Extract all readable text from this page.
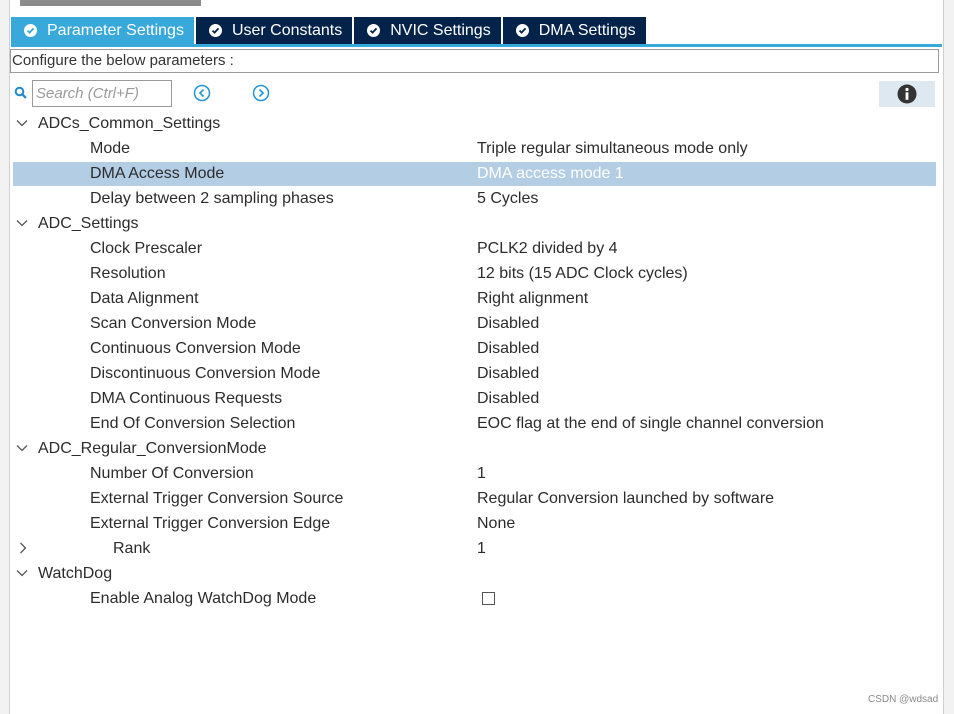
Parameter Settings	User Constants	NVIC Settings	DMA Settings
Configure the below parameters :
Search (Ctrl+F)
ADCs_Common_Settings
Mode	Triple regular simultaneous mode only
DMA Access Mode	DMA access mode 1
Delay between 2 sampling phases	5 Cycles
ADC_Settings
Clock Prescaler	PCLK2 divided by 4
Resolution	12 bits (15 ADC Clock cycles)
Data Alignment	Right alignment
Scan Conversion Mode	Disabled
Continuous Conversion Mode	Disabled
Discontinuous Conversion Mode	Disabled
DMA Continuous Requests	Disabled
End Of Conversion Selection	EOC flag at the end of single channel conversion
ADC_Regular_ConversionMode
Number Of Conversion	1
External Trigger Conversion Source	Regular Conversion launched by software
External Trigger Conversion Edge	None
Rank	1
WatchDog
Enable Analog WatchDog Mode
CSDN @wdsad
